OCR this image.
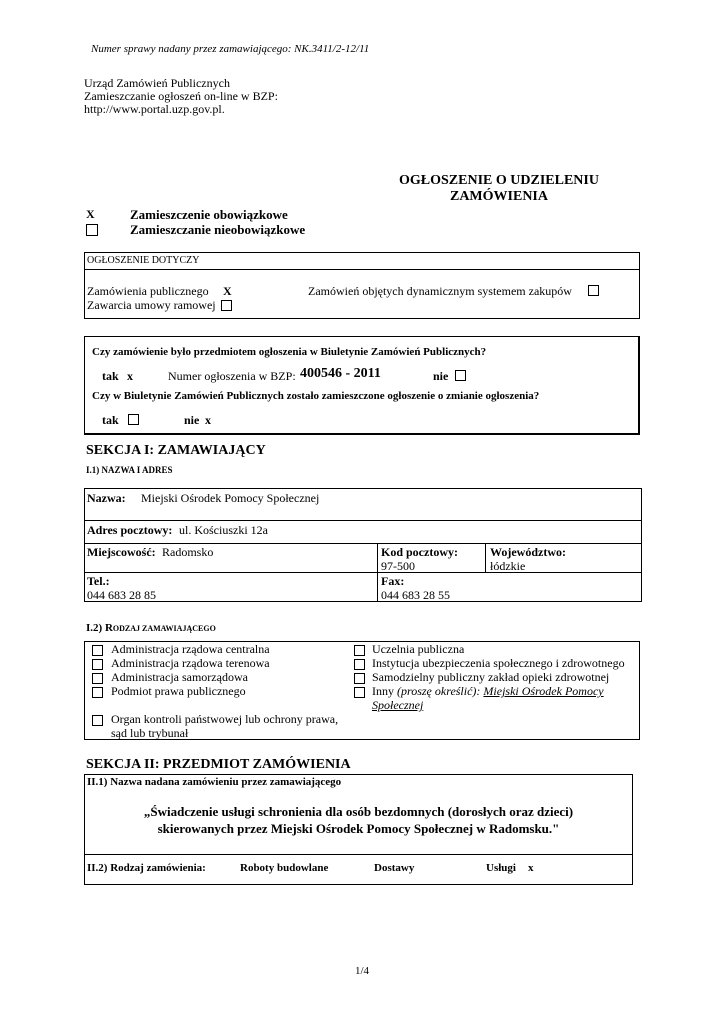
Numer sprawy nadany przez zamawiającego: NK.3411/2-12/11
Urząd Zamówień Publicznych
Zamieszczanie ogłoszeń on-line w BZP:
http://www.portal.uzp.gov.pl.
OGŁOSZENIE O UDZIELENIU
ZAMÓWIENIA
X	Zamieszczenie obowiązkowe
Zamieszczanie nieobowiązkowe
OGŁOSZENIE DOTYCZY
Zamówienia publicznego X	Zamówień objętych dynamicznym systemem zakupów
Zawarcia umowy ramowej
Czy zamówienie było przedmiotem ogłoszenia w Biuletynie Zamówień Publicznych?
tak x	Numer ogłoszenia w BZP: 400546 - 2011	nie
Czy w Biuletynie Zamówień Publicznych zostało zamieszczone ogłoszenie o zmianie ogłoszenia?
tak	nie x
SEKCJA I: ZAMAWIAJĄCY
I.1) NAZWA I ADRES
Nazwa: Miejski Ośrodek Pomocy Społecznej
Adres pocztowy: ul. Kościuszki 12a
Miejscowość: Radomsko	Kod pocztowy:
97-500
Województwo:
łódzkie
Tel.:
044 683 28 85
Fax:
044 683 28 55
I.2) RODZAJ ZAMAWIAJĄCEGO
Administracja rządowa centralna
Administracja rządowa terenowa
Administracja samorządowa
Podmiot prawa publicznego
Organ kontroli państwowej lub ochrony prawa,
sąd lub trybunał
Uczelnia publiczna
Instytucja ubezpieczenia społecznego i zdrowotnego
Samodzielny publiczny zakład opieki zdrowotnej
Inny (proszę określić): Miejski Ośrodek Pomocy
Społecznej
SEKCJA II: PRZEDMIOT ZAMÓWIENIA
II.1) Nazwa nadana zamówieniu przez zamawiającego
„Świadczenie usługi schronienia dla osób bezdomnych (dorosłych oraz dzieci)
skierowanych przez Miejski Ośrodek Pomocy Społecznej w Radomsku."
II.2) Rodzaj zamówienia:	Roboty budowlane	Dostawy	Usługi x
1/4
